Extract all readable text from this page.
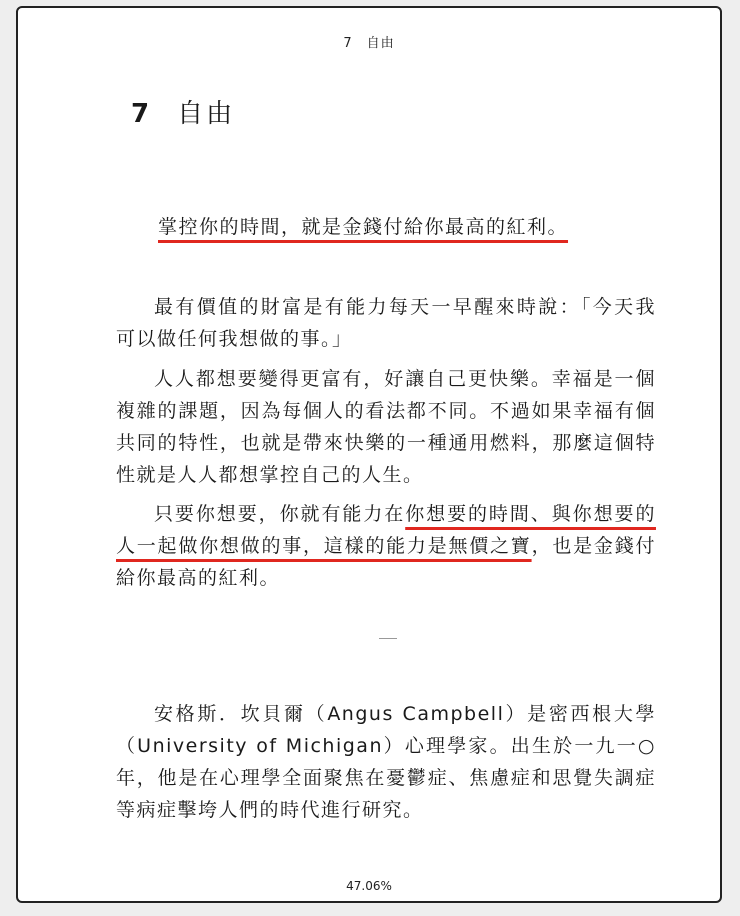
7　自由
7 自由
掌控你的時間，就是金錢付給你最高的紅利。

最有價值的財富是有能力每天一早醒來時說：「今天我可以做任何我想做的事。」

人人都想要變得更富有，好讓自己更快樂。幸福是一個複雜的課題，因為每個人的看法都不同。不過如果幸福有個共同的特性，也就是帶來快樂的一種通用燃料，那麼這個特性就是人人都想掌控自己的人生。

只要你想要，你就有能力在你想要的時間、與你想要的人一起做你想做的事，這樣的能力是無價之寶，也是金錢付給你最高的紅利。

安格斯．坎貝爾（Angus Campbell）是密西根大學（University of Michigan）心理學家。出生於一九一○年，他是在心理學全面聚焦在憂鬱症、焦慮症和思覺失調症等病症擊垮人們的時代進行研究。

47.06%
